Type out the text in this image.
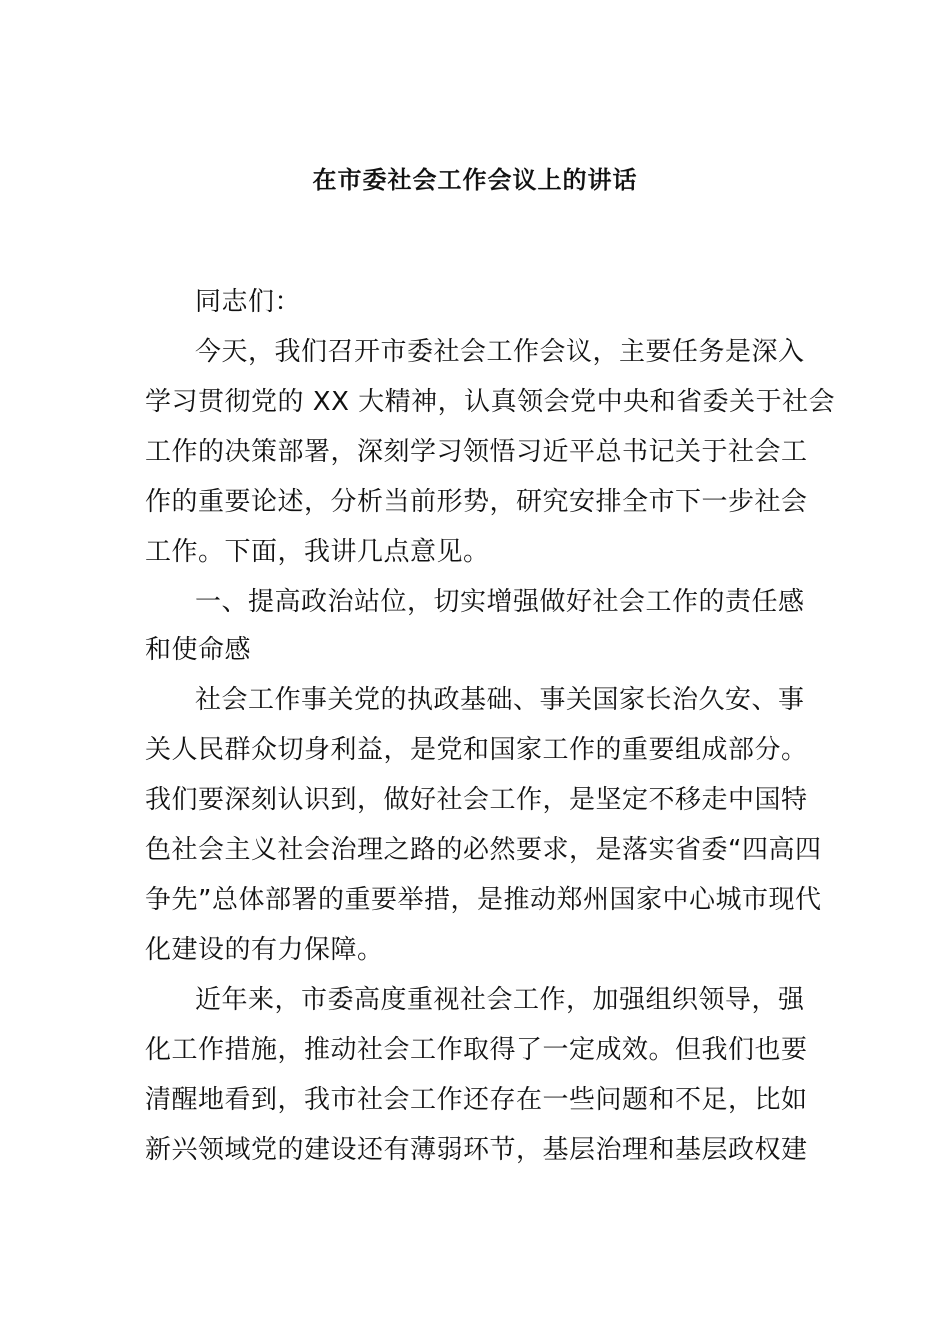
在市委社会工作会议上的讲话
同志们：
今天，我们召开市委社会工作会议，主要任务是深入
学习贯彻党的 XX 大精神，认真领会党中央和省委关于社会
工作的决策部署，深刻学习领悟习近平总书记关于社会工
作的重要论述，分析当前形势，研究安排全市下一步社会
工作。下面，我讲几点意见。
一、提高政治站位，切实增强做好社会工作的责任感
和使命感
社会工作事关党的执政基础、事关国家长治久安、事
关人民群众切身利益，是党和国家工作的重要组成部分。
我们要深刻认识到，做好社会工作，是坚定不移走中国特
色社会主义社会治理之路的必然要求，是落实省委“四高四
争先”总体部署的重要举措，是推动郑州国家中心城市现代
化建设的有力保障。
近年来，市委高度重视社会工作，加强组织领导，强
化工作措施，推动社会工作取得了一定成效。但我们也要
清醒地看到，我市社会工作还存在一些问题和不足，比如
新兴领域党的建设还有薄弱环节，基层治理和基层政权建
